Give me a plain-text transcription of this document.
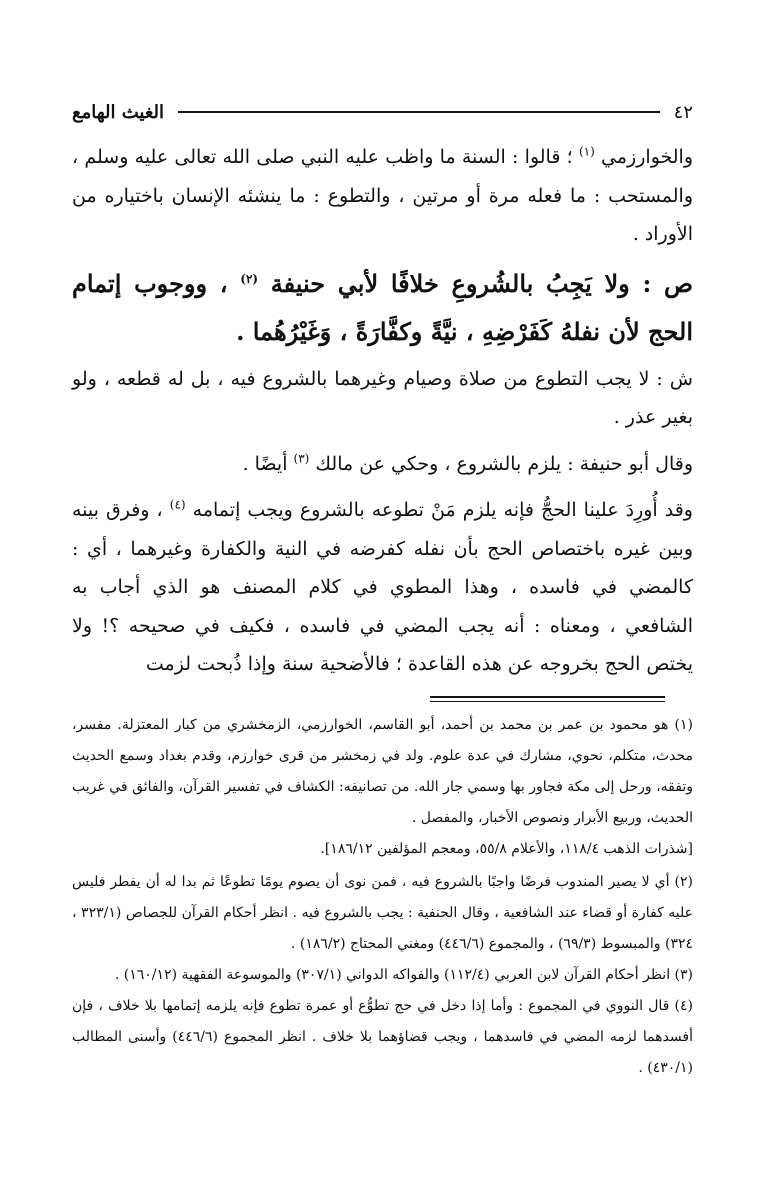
٤٢
الغيث الهامع

والخوارزمي $^{(١)}$ ؛ قالوا : السنة ما واظب عليه النبي صلى الله تعالى عليه وسلم ، والمستحب : ما فعله مرة أو مرتين ، والتطوع : ما ينشئه الإنسان باختياره من الأوراد .

ص : ولا يَجِبُ بالشُروعِ خلافًا لأبي حنيفة $^{(٢)}$ ، ووجوب إتمام الحج لأن نفلهُ كَفَرْضِهِ ، نيَّةً وكفَّارَةً ، وَغَيْرُهُما .

ش : لا يجب التطوع من صلاة وصيام وغيرهما بالشروع فيه ، بل له قطعه ، ولو بغير عذر .

وقال أبو حنيفة : يلزم بالشروع ، وحكي عن مالك $^{(٣)}$ أيضًا .

وقد أُورِدَ علينا الحجُّ فإنه يلزم مَنْ تطوعه بالشروع ويجب إتمامه $^{(٤)}$ ، وفرق بينه وبين غيره باختصاص الحج بأن نفله كفرضه في النية والكفارة وغيرهما ، أي : كالمضي في فاسده ، وهذا المطوي في كلام المصنف هو الذي أجاب به الشافعي ، ومعناه : أنه يجب المضي في فاسده ، فكيف في صحيحه ؟! ولا يختص الحج بخروجه عن هذه القاعدة ؛ فالأضحية سنة وإذا ذُبحت لزمت

(١) هو محمود بن عمر بن محمد بن أحمد، أبو القاسم، الخوارزمي، الزمخشري من كبار المعتزلة. مفسر، محدث، متكلم، نحوي، مشارك في عدة علوم. ولد في زمخشر من قرى خوارزم، وقدم بغداد وسمع الحديث وتفقه، ورحل إلى مكة فجاور بها وسمي جار الله. من تصانيفه: الكشاف في تفسير القرآن، والفائق في غريب الحديث، وربيع الأبرار ونصوص الأخبار، والمفصل .

[شذرات الذهب ١١٨/٤، والأعلام ٥٥/٨، ومعجم المؤلفين ١٨٦/١٢].

(٢) أي لا يصير المندوب فرضًا واجبًا بالشروع فيه ، فمن نوى أن يصوم يومًا تطوعًا ثم بدا له أن يفطر فليس عليه كفارة أو قضاء عند الشافعية ، وقال الحنفية : يجب بالشروع فيه . انظر أحكام القرآن للجصاص (٣٢٣/١ ، ٣٢٤) والمبسوط (٦٩/٣) ، والمجموع (٤٤٦/٦) ومغني المحتاج (١٨٦/٢) .

(٣) انظر أحكام القرآن لابن العربي (١١٢/٤) والفواكه الدواني (٣٠٧/١) والموسوعة الفقهية (١٦٠/١٢) .

(٤) قال النووي في المجموع : وأما إذا دخل في حج تطوُّع أو عمرة تطوع فإنه يلزمه إتمامها بلا خلاف ، فإن أفسدهما لزمه المضي في فاسدهما ، ويجب قضاؤهما بلا خلاف . انظر المجموع (٤٤٦/٦) وأسنى المطالب (٤٣٠/١) .
